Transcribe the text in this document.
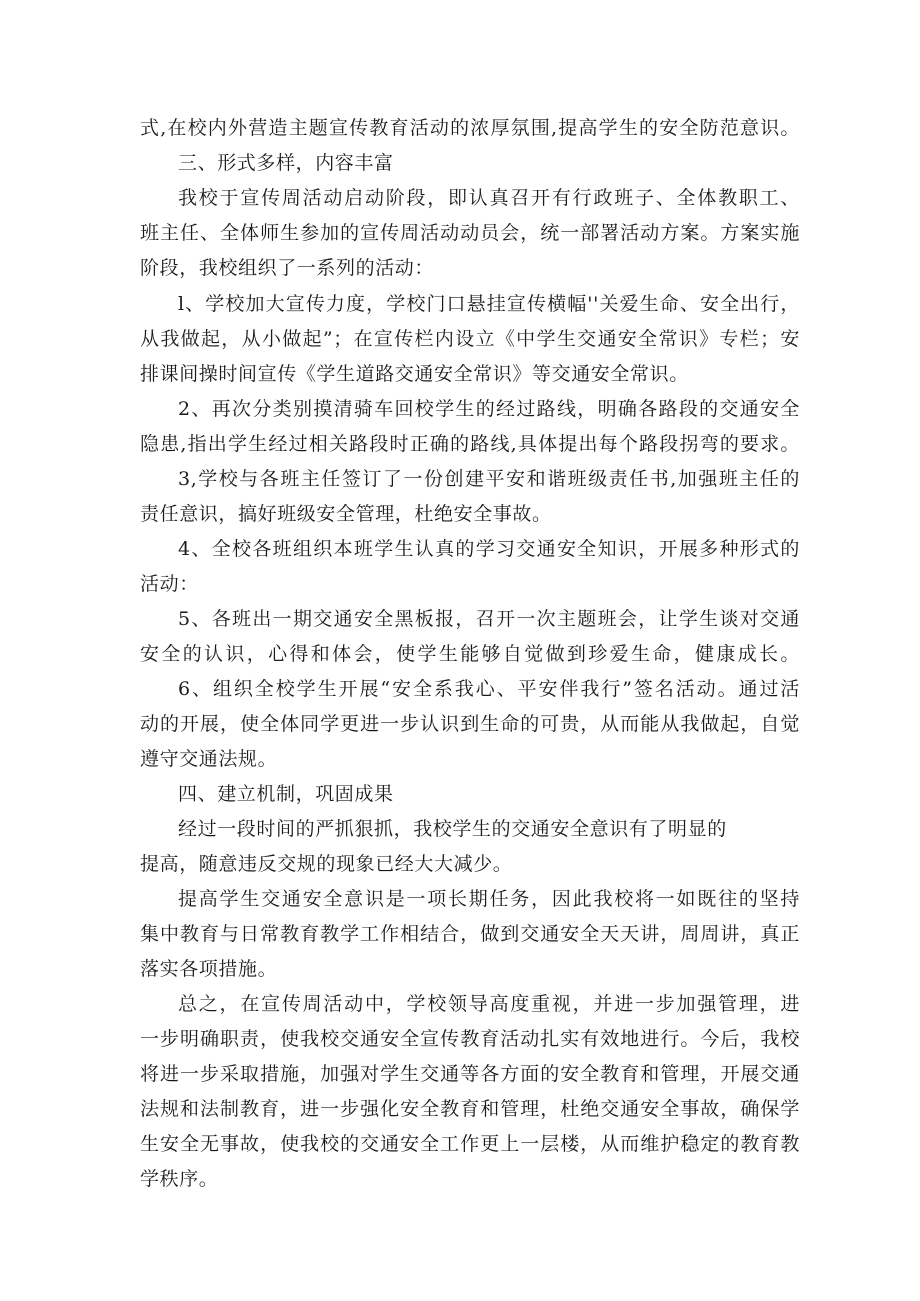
式,在校内外营造主题宣传教育活动的浓厚氛围,提高学生的安全防范意识。
三、形式多样，内容丰富
我校于宣传周活动启动阶段，即认真召开有行政班子、全体教职工、
班主任、全体师生参加的宣传周活动动员会，统一部署活动方案。方案实施
阶段，我校组织了一系列的活动：
l、学校加大宣传力度，学校门口悬挂宣传横幅''关爱生命、安全出行，
从我做起，从小做起”；在宣传栏内设立《中学生交通安全常识》专栏；安
排课间操时间宣传《学生道路交通安全常识》等交通安全常识。
2、再次分类别摸清骑车回校学生的经过路线，明确各路段的交通安全
隐患,指出学生经过相关路段时正确的路线,具体提出每个路段拐弯的要求。
3,学校与各班主任签订了一份创建平安和谐班级责任书,加强班主任的
责任意识，搞好班级安全管理，杜绝安全事故。
4、全校各班组织本班学生认真的学习交通安全知识，开展多种形式的
活动：
5、各班出一期交通安全黑板报，召开一次主题班会，让学生谈对交通
安全的认识，心得和体会，使学生能够自觉做到珍爱生命，健康成长。
6、组织全校学生开展“安全系我心、平安伴我行”签名活动。通过活
动的开展，使全体同学更进一步认识到生命的可贵，从而能从我做起，自觉
遵守交通法规。
四、建立机制，巩固成果
经过一段时间的严抓狠抓，我校学生的交通安全意识有了明显的
提高，随意违反交规的现象已经大大减少。
提高学生交通安全意识是一项长期任务，因此我校将一如既往的坚持
集中教育与日常教育教学工作相结合，做到交通安全天天讲，周周讲，真正
落实各项措施。
总之，在宣传周活动中，学校领导高度重视，并进一步加强管理，进
一步明确职责，使我校交通安全宣传教育活动扎实有效地进行。今后，我校
将进一步采取措施，加强对学生交通等各方面的安全教育和管理，开展交通
法规和法制教育，进一步强化安全教育和管理，杜绝交通安全事故，确保学
生安全无事故，使我校的交通安全工作更上一层楼，从而维护稳定的教育教
学秩序。
